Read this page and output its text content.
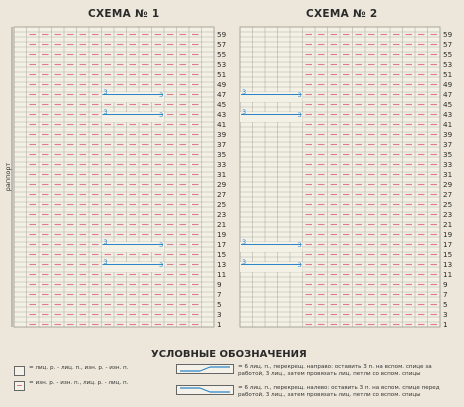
СХЕМА № 1	СХЕМА № 2
3	3
3	3
3	3
3	3
59
57
55
53
51
49
47
45
43
41
39
37
35
33
31
29
27
25
23
21
19
17
15
13
11
9
7
5
3
1
раппорт
3	3
3	3
3	3
3	3
59
57
55
53
51
49
47
45
43
41
39
37
35
33
31
29
27
25
23
21
19
17
15
13
11
9
7
5
3
1
УСЛОВНЫЕ ОБОЗНАЧЕНИЯ
= лиц. р. - лиц. п., изн. р. - изн. п.
= изн. р. - изн. п., лиц. р. - лиц. п.
= 6 лиц. п., перекрещ. направо: оставить 3 п. на вспом. спице за работой, 3 лиц., затем провязать лиц. петли со вспом. спицы
= 6 лиц. п., перекрещ. налево: оставить 3 п. на вспом. спице перед работой, 3 лиц., затем провязать лиц. петли со вспом. спицы
